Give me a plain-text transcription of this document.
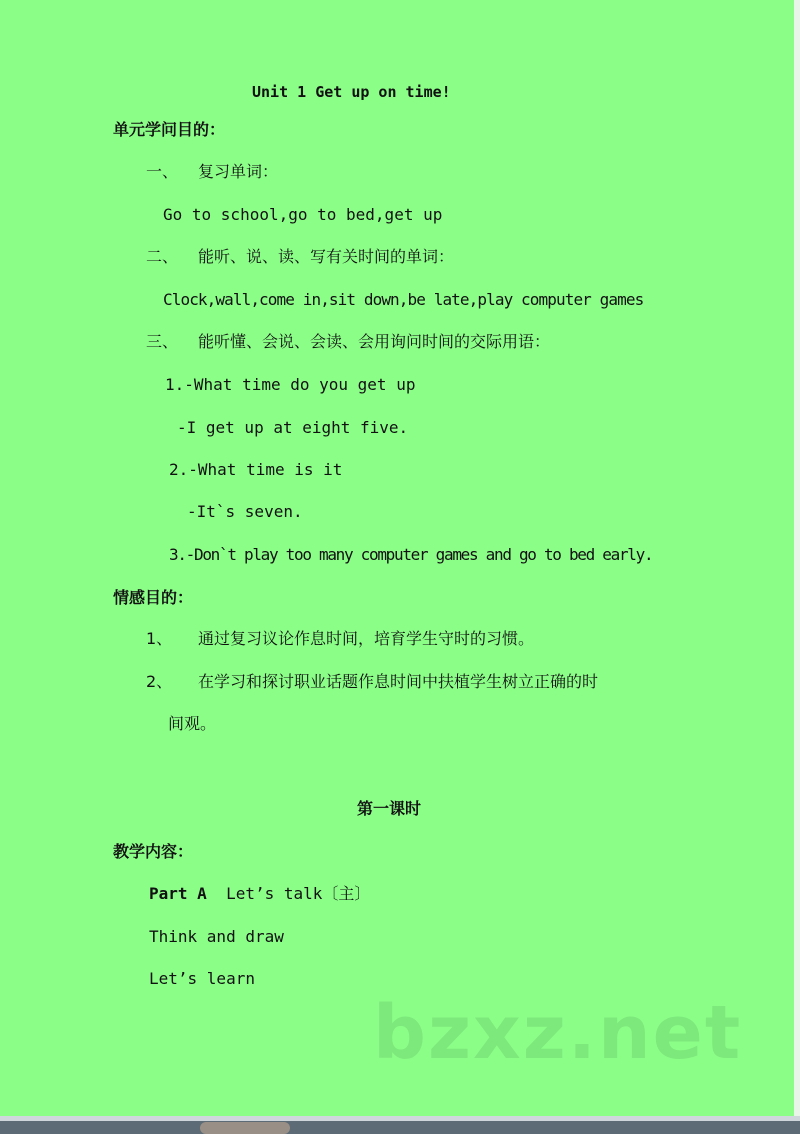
Unit 1 Get up on time!
单元学问目的：
一、 复习单词：
Go to school,go to bed,get up
二、 能听、说、读、写有关时间的单词：
Clock,wall,come in,sit down,be late,play computer games
三、 能听懂、会说、会读、会用询问时间的交际用语：
1.-What time do you get up
-I get up at eight five.
2.-What time is it
-It`s seven.
3.-Don`t play too many computer games and go to bed early.
情感目的：
1、 通过复习议论作息时间，培育学生守时的习惯。
2、 在学习和探讨职业话题作息时间中扶植学生树立正确的时
间观。
第一课时
教学内容：
Part A Let’s talk〔主〕
Think and draw
Let’s learn
bzxz.net
